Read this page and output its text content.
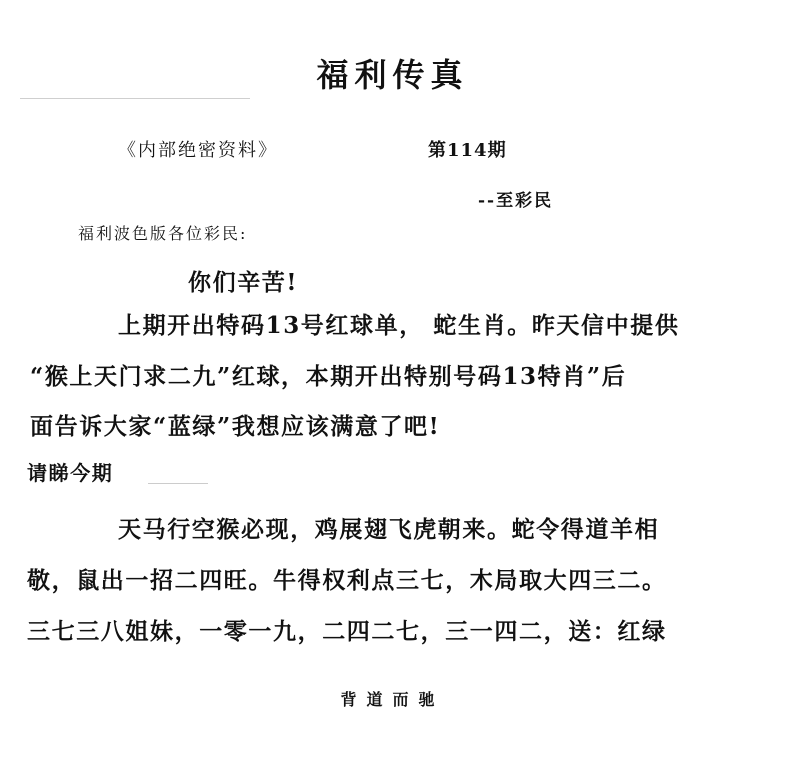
福利传真
《内部绝密资料》	第114期
--至彩民
福利波色版各位彩民:
你们辛苦!
上期开出特码13号红球单， 蛇生肖。昨天信中提供
“猴上天门求二九”红球，本期开出特别号码13特肖”后
面告诉大家“蓝绿”我想应该满意了吧!
请睇今期
天马行空猴必现，鸡展翅飞虎朝来。蛇令得道羊相
敬，鼠出一招二四旺。牛得权利点三七，木局取大四三二。
三七三八姐妹，一零一九，二四二七，三一四二，送：红绿
背道而驰
